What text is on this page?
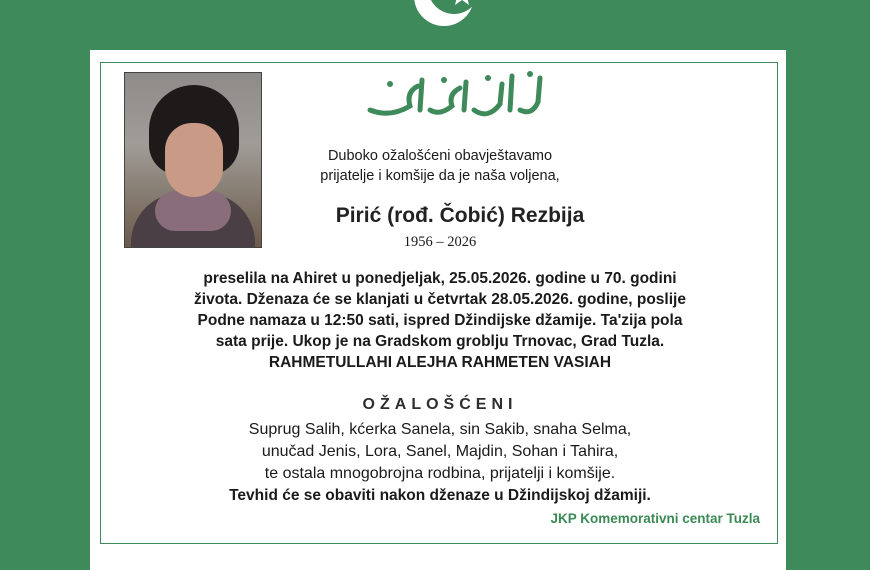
Duboko ožalošćeni obavještavamo
prijatelje i komšije da je naša voljena,
Pirić (rođ. Čobić) Rezbija
1956 – 2026
preselila na Ahiret u ponedjeljak, 25.05.2026. godine u 70. godini
života. Dženaza će se klanjati u četvrtak 28.05.2026. godine, poslije
Podne namaza u 12:50 sati, ispred Džindijske džamije. Ta'zija pola
sata prije. Ukop je na Gradskom groblju Trnovac, Grad Tuzla.
RAHMETULLAHI ALEJHA RAHMETEN VASIAH
OŽALOŠĆENI
Suprug Salih, kćerka Sanela, sin Sakib, snaha Selma,
unučad Jenis, Lora, Sanel, Majdin, Sohan i Tahira,
te ostala mnogobrojna rodbina, prijatelji i komšije.
Tevhid će se obaviti nakon dženaze u Džindijskoj džamiji.
JKP Komemorativni centar Tuzla
